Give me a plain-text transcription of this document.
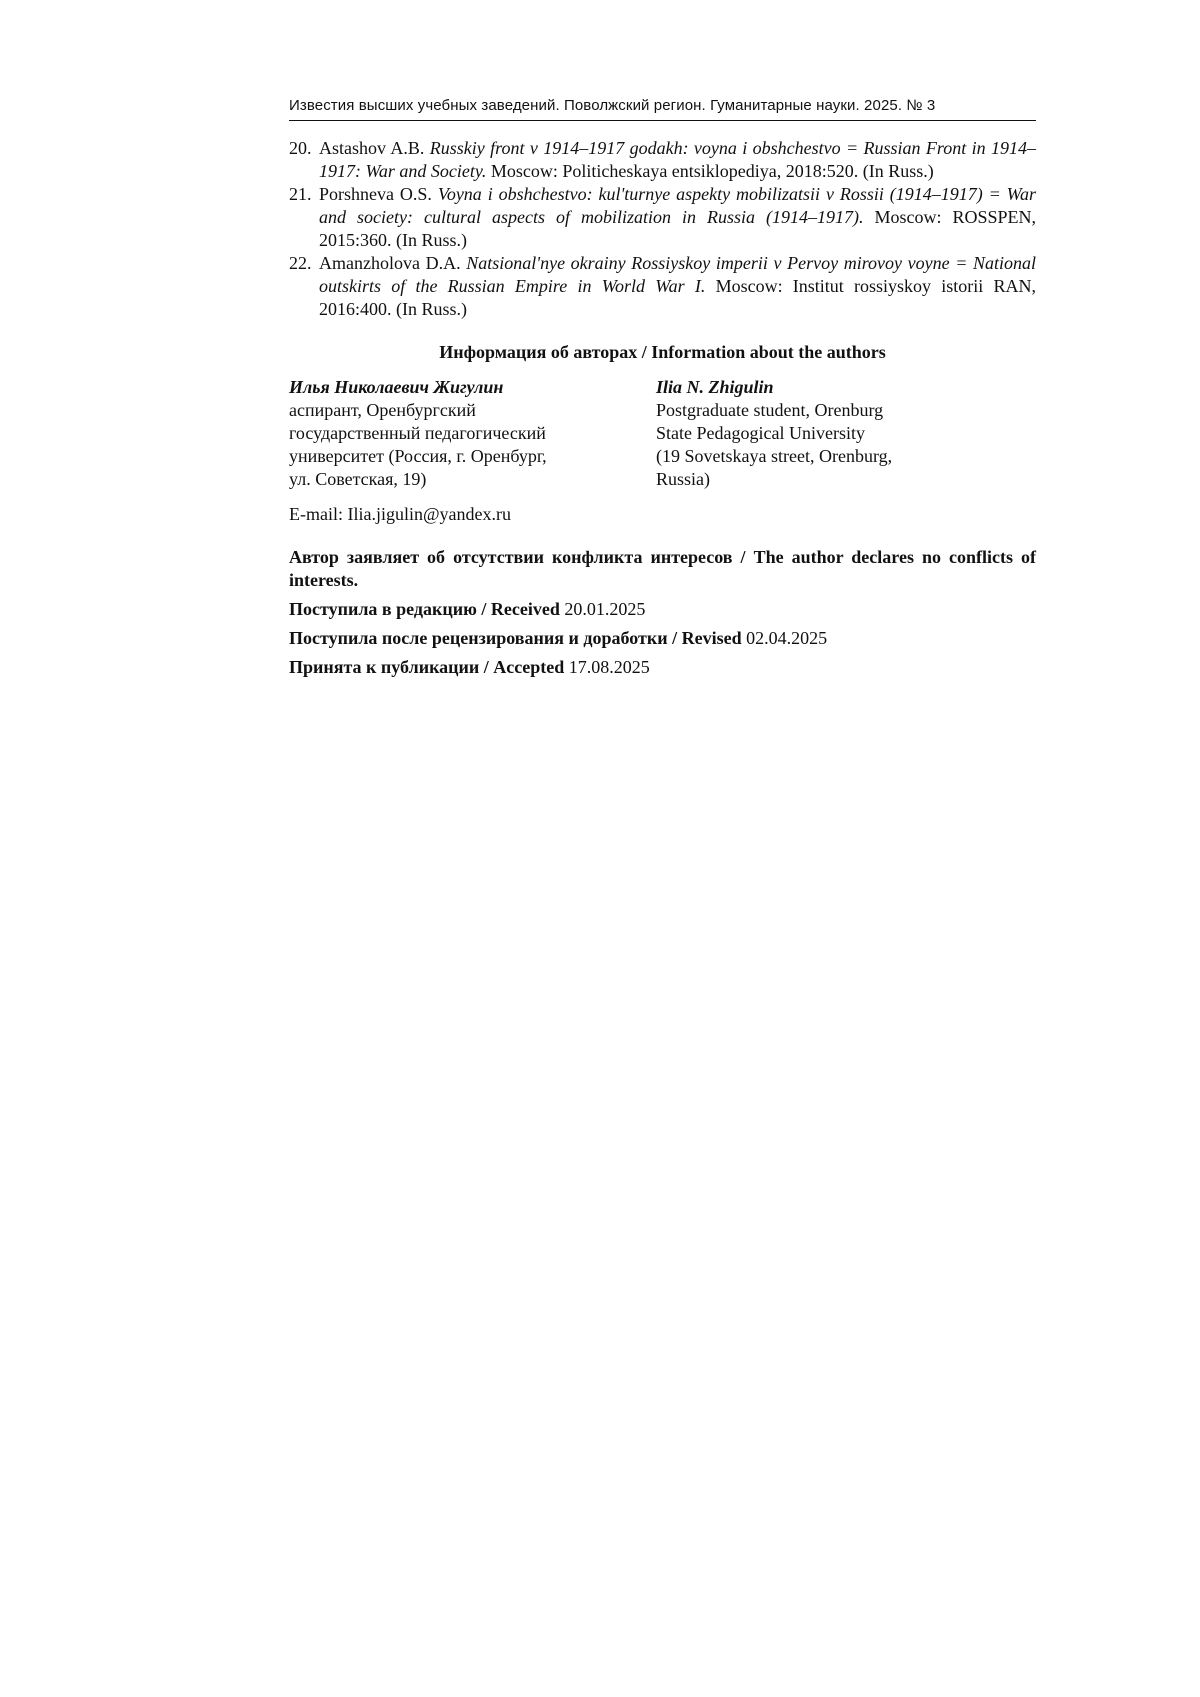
Известия высших учебных заведений. Поволжский регион. Гуманитарные науки. 2025. № 3
20. Astashov A.B. Russkiy front v 1914–1917 godakh: voyna i obshchestvo = Russian Front in 1914–1917: War and Society. Moscow: Politicheskaya entsiklopediya, 2018:520. (In Russ.)
21. Porshneva O.S. Voyna i obshchestvo: kul'turnye aspekty mobilizatsii v Rossii (1914–1917) = War and society: cultural aspects of mobilization in Russia (1914–1917). Moscow: ROSSPEN, 2015:360. (In Russ.)
22. Amanzholova D.A. Natsional'nye okrainy Rossiyskoy imperii v Pervoy mirovoy voyne = National outskirts of the Russian Empire in World War I. Moscow: Institut rossiyskoy istorii RAN, 2016:400. (In Russ.)
Информация об авторах / Information about the authors
Илья Николаевич Жигулин
аспирант, Оренбургский
государственный педагогический
университет (Россия, г. Оренбург,
ул. Советская, 19)
Ilia N. Zhigulin
Postgraduate student, Orenburg
State Pedagogical University
(19 Sovetskaya street, Orenburg,
Russia)
E-mail: Ilia.jigulin@yandex.ru
Автор заявляет об отсутствии конфликта интересов / The author declares no conflicts of interests.
Поступила в редакцию / Received 20.01.2025
Поступила после рецензирования и доработки / Revised 02.04.2025
Принята к публикации / Accepted 17.08.2025
